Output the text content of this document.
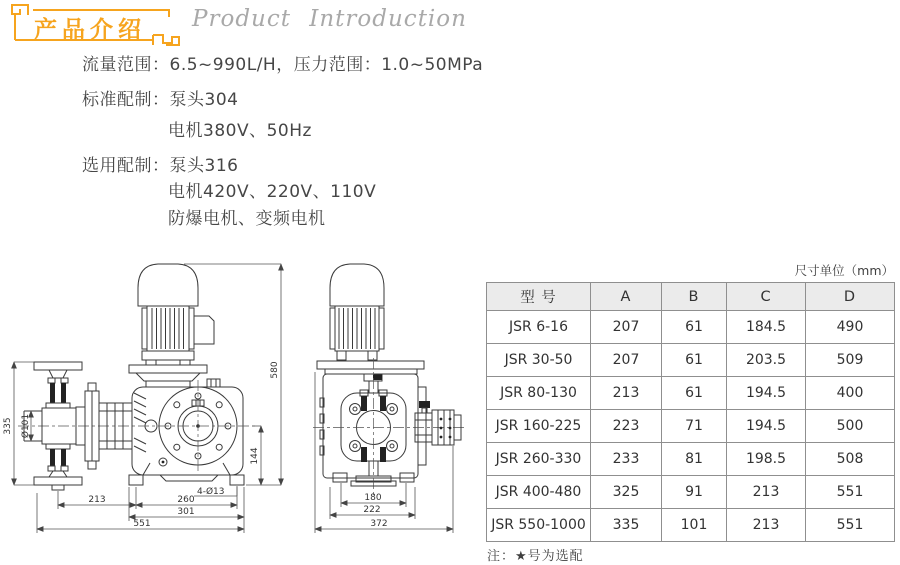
产品介绍 Product Introduction
流量范围：6.5~990L/H，压力范围：1.0~50MPa
标准配制：泵头304
电机380V、50Hz
选用配制：泵头316
电机420V、220V、110V
防爆电机、变频电机
335 Ø101
580
144
4-Ø13
213	260
301
551
180
222
372
尺寸单位（mm）
型 号	A	B	C	D
JSR 6-16	207	61	184.5	490
JSR 30-50	207	61	203.5	509
JSR 80-130	213	61	194.5	400
JSR 160-225	223	71	194.5	500
JSR 260-330	233	81	198.5	508
JSR 400-480	325	91	213	551
JSR 550-1000	335	101	213	551
注：★号为选配
